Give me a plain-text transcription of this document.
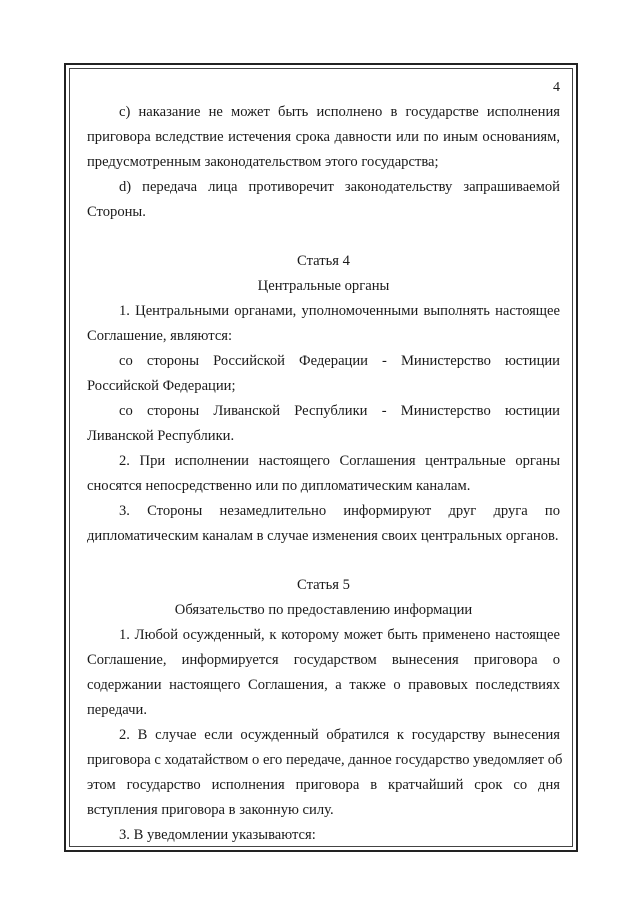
4
c) наказание не может быть исполнено в государстве исполнения
приговора вследствие истечения срока давности или по иным основаниям,
предусмотренным законодательством этого государства;
d) передача лица противоречит законодательству запрашиваемой
Стороны.
Статья 4
Центральные органы
1. Центральными органами, уполномоченными выполнять настоящее
Соглашение, являются:
со стороны Российской Федерации - Министерство юстиции
Российской Федерации;
со стороны Ливанской Республики - Министерство юстиции
Ливанской Республики.
2. При исполнении настоящего Соглашения центральные органы
сносятся непосредственно или по дипломатическим каналам.
3. Стороны незамедлительно информируют друг друга по
дипломатическим каналам в случае изменения своих центральных органов.
Статья 5
Обязательство по предоставлению информации
1. Любой осужденный, к которому может быть применено настоящее
Соглашение, информируется государством вынесения приговора о
содержании настоящего Соглашения, а также о правовых последствиях
передачи.
2. В случае если осужденный обратился к государству вынесения
приговора с ходатайством о его передаче, данное государство уведомляет об
этом государство исполнения приговора в кратчайший срок со дня
вступления приговора в законную силу.
3. В уведомлении указываются:
